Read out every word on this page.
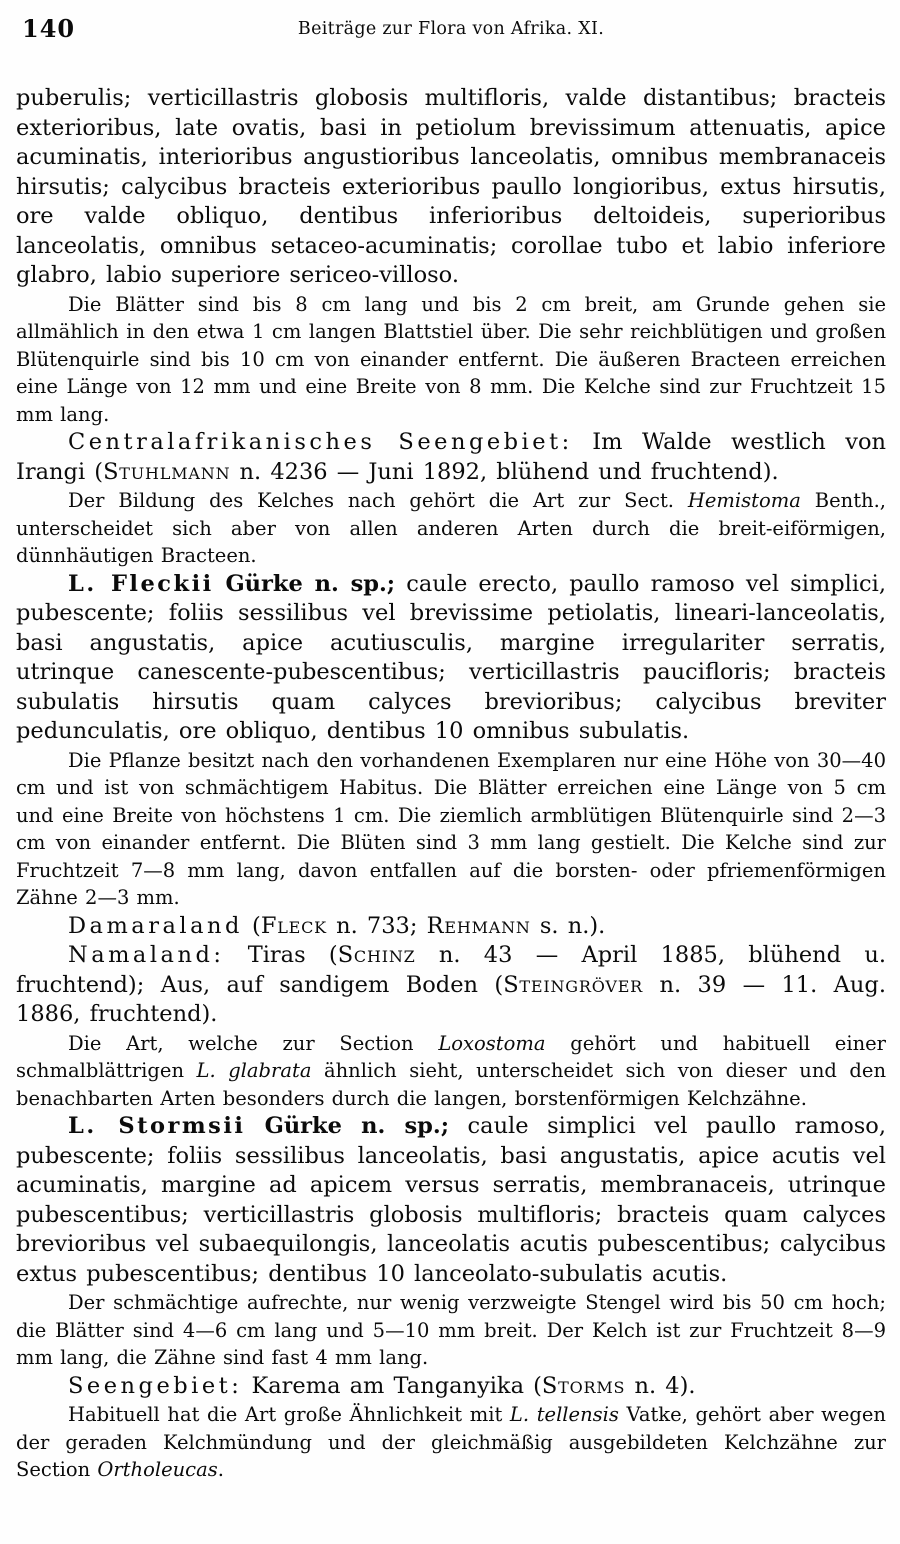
140	Beiträge zur Flora von Afrika. XI.

puberulis; verticillastris globosis multifloris, valde distantibus; bracteis exterioribus, late ovatis, basi in petiolum brevissimum attenuatis, apice acuminatis, interioribus angustioribus lanceolatis, omnibus membranaceis hirsutis; calycibus bracteis exterioribus paullo longioribus, extus hirsutis, ore valde obliquo, dentibus inferioribus deltoideis, superioribus lanceolatis, omnibus setaceo-acuminatis; corollae tubo et labio inferiore glabro, labio superiore sericeo-villoso.

Die Blätter sind bis 8 cm lang und bis 2 cm breit, am Grunde gehen sie allmählich in den etwa 1 cm langen Blattstiel über. Die sehr reichblütigen und großen Blütenquirle sind bis 10 cm von einander entfernt. Die äußeren Bracteen erreichen eine Länge von 12 mm und eine Breite von 8 mm. Die Kelche sind zur Fruchtzeit 15 mm lang.

Centralafrikanisches Seengebiet: Im Walde westlich von Irangi (Stuhlmann n. 4236 — Juni 1892, blühend und fruchtend).

Der Bildung des Kelches nach gehört die Art zur Sect. Hemistoma Benth., unterscheidet sich aber von allen anderen Arten durch die breit-eiförmigen, dünnhäutigen Bracteen.

L. Fleckii Gürke n. sp.; caule erecto, paullo ramoso vel simplici, pubescente; foliis sessilibus vel brevissime petiolatis, lineari-lanceolatis, basi angustatis, apice acutiusculis, margine irregulariter serratis, utrinque canescente-pubescentibus; verticillastris paucifloris; bracteis subulatis hirsutis quam calyces brevioribus; calycibus breviter pedunculatis, ore obliquo, dentibus 10 omnibus subulatis.

Die Pflanze besitzt nach den vorhandenen Exemplaren nur eine Höhe von 30—40 cm und ist von schmächtigem Habitus. Die Blätter erreichen eine Länge von 5 cm und eine Breite von höchstens 1 cm. Die ziemlich armblütigen Blütenquirle sind 2—3 cm von einander entfernt. Die Blüten sind 3 mm lang gestielt. Die Kelche sind zur Fruchtzeit 7—8 mm lang, davon entfallen auf die borsten- oder pfriemenförmigen Zähne 2—3 mm.

Damaraland (Fleck n. 733; Rehmann s. n.).

Namaland: Tiras (Schinz n. 43 — April 1885, blühend u. fruchtend); Aus, auf sandigem Boden (Steingröver n. 39 — 11. Aug. 1886, fruchtend).

Die Art, welche zur Section Loxostoma gehört und habituell einer schmalblättrigen L. glabrata ähnlich sieht, unterscheidet sich von dieser und den benachbarten Arten besonders durch die langen, borstenförmigen Kelchzähne.

L. Stormsii Gürke n. sp.; caule simplici vel paullo ramoso, pubescente; foliis sessilibus lanceolatis, basi angustatis, apice acutis vel acuminatis, margine ad apicem versus serratis, membranaceis, utrinque pubescentibus; verticillastris globosis multifloris; bracteis quam calyces brevioribus vel subaequilongis, lanceolatis acutis pubescentibus; calycibus extus pubescentibus; dentibus 10 lanceolato-subulatis acutis.

Der schmächtige aufrechte, nur wenig verzweigte Stengel wird bis 50 cm hoch; die Blätter sind 4—6 cm lang und 5—10 mm breit. Der Kelch ist zur Fruchtzeit 8—9 mm lang, die Zähne sind fast 4 mm lang.

Seengebiet: Karema am Tanganyika (Storms n. 4).

Habituell hat die Art große Ähnlichkeit mit L. tellensis Vatke, gehört aber wegen der geraden Kelchmündung und der gleichmäßig ausgebildeten Kelchzähne zur Section Ortholeucas.
